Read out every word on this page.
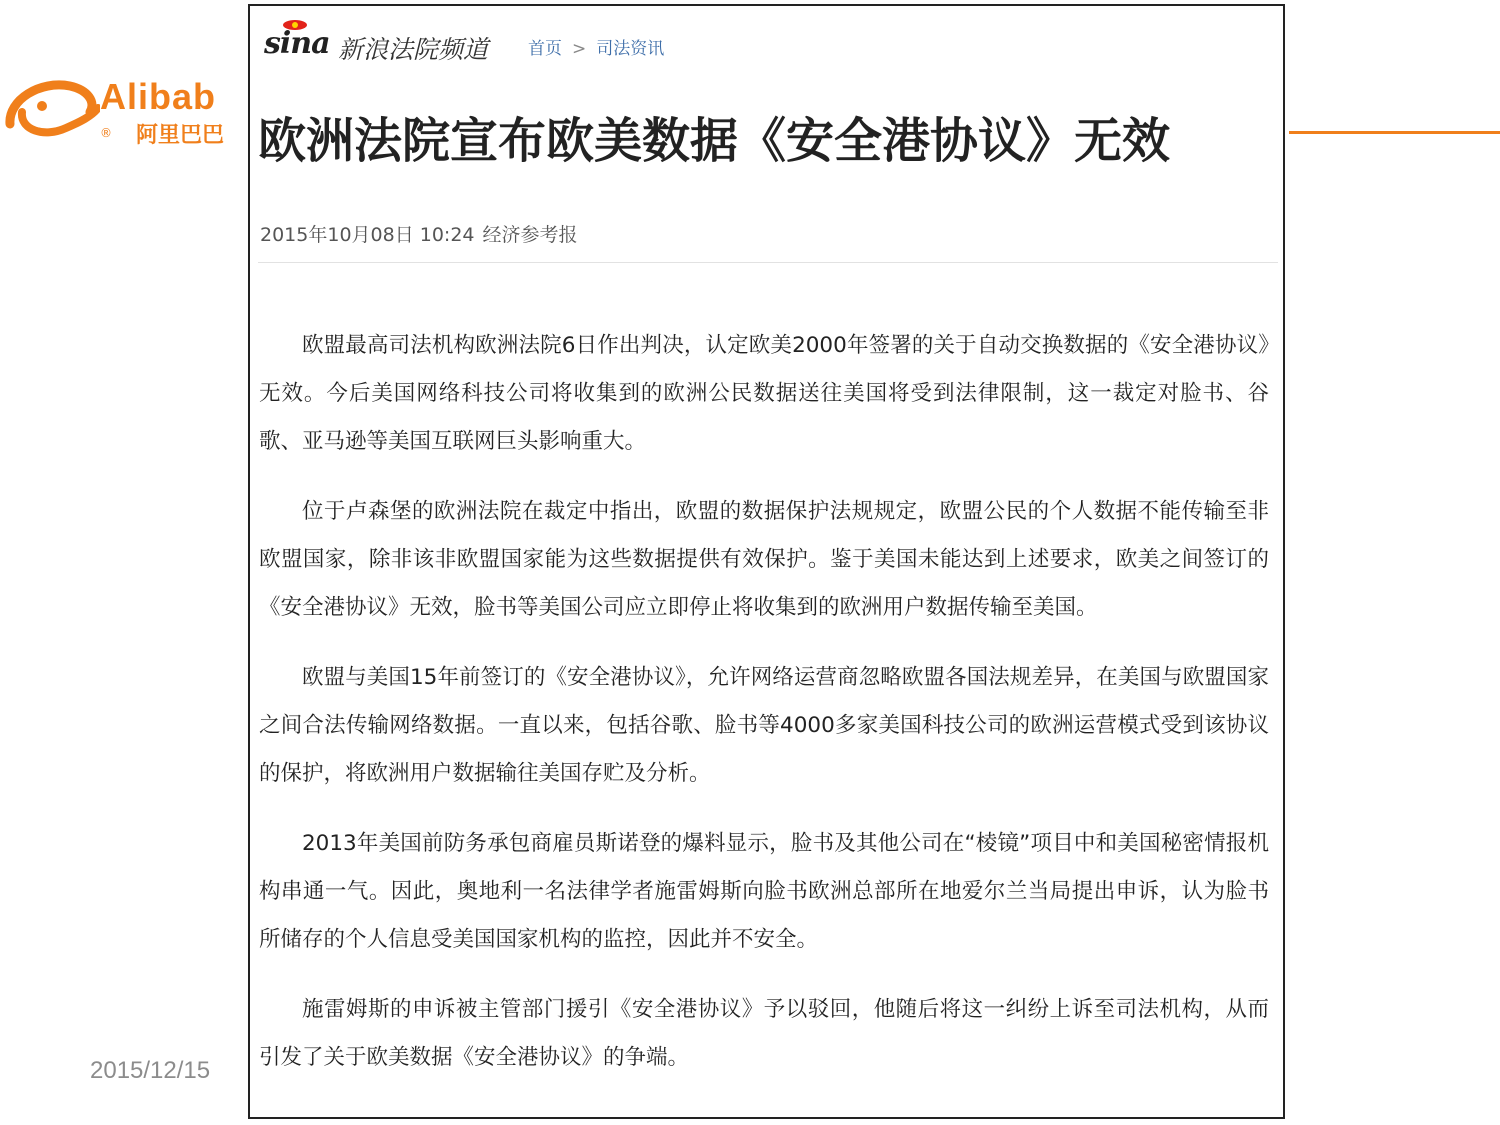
Alibab
® 阿里巴巴
2015/12/15
sina 新浪法院频道 首页 > 司法资讯
欧洲法院宣布欧美数据《安全港协议》无效
2015年10月08日 10:24 经济参考报

欧盟最高司法机构欧洲法院6日作出判决，认定欧美2000年签署的关于自动交换数据的《安全港协议》无效。今后美国网络科技公司将收集到的欧洲公民数据送往美国将受到法律限制，这一裁定对脸书、谷歌、亚马逊等美国互联网巨头影响重大。

位于卢森堡的欧洲法院在裁定中指出，欧盟的数据保护法规规定，欧盟公民的个人数据不能传输至非欧盟国家，除非该非欧盟国家能为这些数据提供有效保护。鉴于美国未能达到上述要求，欧美之间签订的《安全港协议》无效，脸书等美国公司应立即停止将收集到的欧洲用户数据传输至美国。

欧盟与美国15年前签订的《安全港协议》，允许网络运营商忽略欧盟各国法规差异，在美国与欧盟国家之间合法传输网络数据。一直以来，包括谷歌、脸书等4000多家美国科技公司的欧洲运营模式受到该协议的保护，将欧洲用户数据输往美国存贮及分析。

2013年美国前防务承包商雇员斯诺登的爆料显示，脸书及其他公司在“棱镜”项目中和美国秘密情报机构串通一气。因此，奥地利一名法律学者施雷姆斯向脸书欧洲总部所在地爱尔兰当局提出申诉，认为脸书所储存的个人信息受美国国家机构的监控，因此并不安全。

施雷姆斯的申诉被主管部门援引《安全港协议》予以驳回，他随后将这一纠纷上诉至司法机构，从而引发了关于欧美数据《安全港协议》的争端。
